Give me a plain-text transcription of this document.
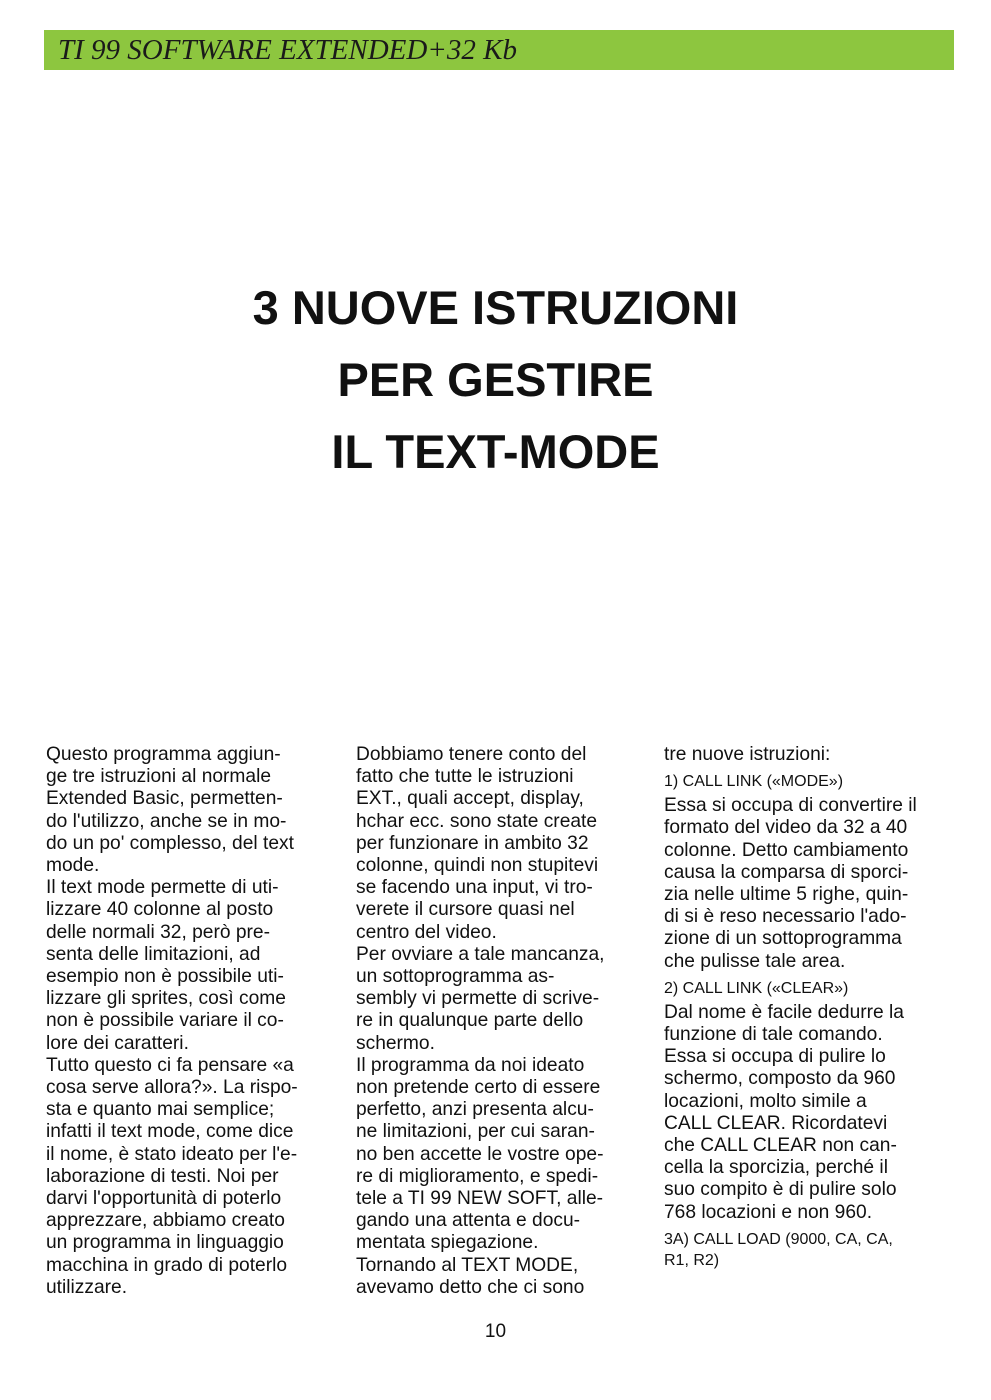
TI 99 SOFTWARE EXTENDED+32 Kb
3 NUOVE ISTRUZIONI
PER GESTIRE
IL TEXT-MODE

Questo programma aggiun-
ge tre istruzioni al normale
Extended Basic, permetten-
do l'utilizzo, anche se in mo-
do un po' complesso, del text
mode.

Il text mode permette di uti-
lizzare 40 colonne al posto
delle normali 32, però pre-
senta delle limitazioni, ad
esempio non è possibile uti-
lizzare gli sprites, così come
non è possibile variare il co-
lore dei caratteri.

Tutto questo ci fa pensare «a
cosa serve allora?». La rispo-
sta e quanto mai semplice;
infatti il text mode, come dice
il nome, è stato ideato per l'e-
laborazione di testi. Noi per
darvi l'opportunità di poterlo
apprezzare, abbiamo creato
un programma in linguaggio
macchina in grado di poterlo
utilizzare.

Dobbiamo tenere conto del
fatto che tutte le istruzioni
EXT., quali accept, display,
hchar ecc. sono state create
per funzionare in ambito 32
colonne, quindi non stupitevi
se facendo una input, vi tro-
verete il cursore quasi nel
centro del video.

Per ovviare a tale mancanza,
un sottoprogramma as-
sembly vi permette di scrive-
re in qualunque parte dello
schermo.

Il programma da noi ideato
non pretende certo di essere
perfetto, anzi presenta alcu-
ne limitazioni, per cui saran-
no ben accette le vostre ope-
re di miglioramento, e spedi-
tele a TI 99 NEW SOFT, alle-
gando una attenta e docu-
mentata spiegazione.

Tornando al TEXT MODE,
avevamo detto che ci sono

tre nuove istruzioni:

1) CALL LINK («MODE»)

Essa si occupa di convertire il
formato del video da 32 a 40
colonne. Detto cambiamento
causa la comparsa di sporci-
zia nelle ultime 5 righe, quin-
di si è reso necessario l'ado-
zione di un sottoprogramma
che pulisse tale area.

2) CALL LINK («CLEAR»)

Dal nome è facile dedurre la
funzione di tale comando.
Essa si occupa di pulire lo
schermo, composto da 960
locazioni, molto simile a
CALL CLEAR. Ricordatevi
che CALL CLEAR non can-
cella la sporcizia, perché il
suo compito è di pulire solo
768 locazioni e non 960.

3A) CALL LOAD (9000, CA, CA,
R1, R2)

10
